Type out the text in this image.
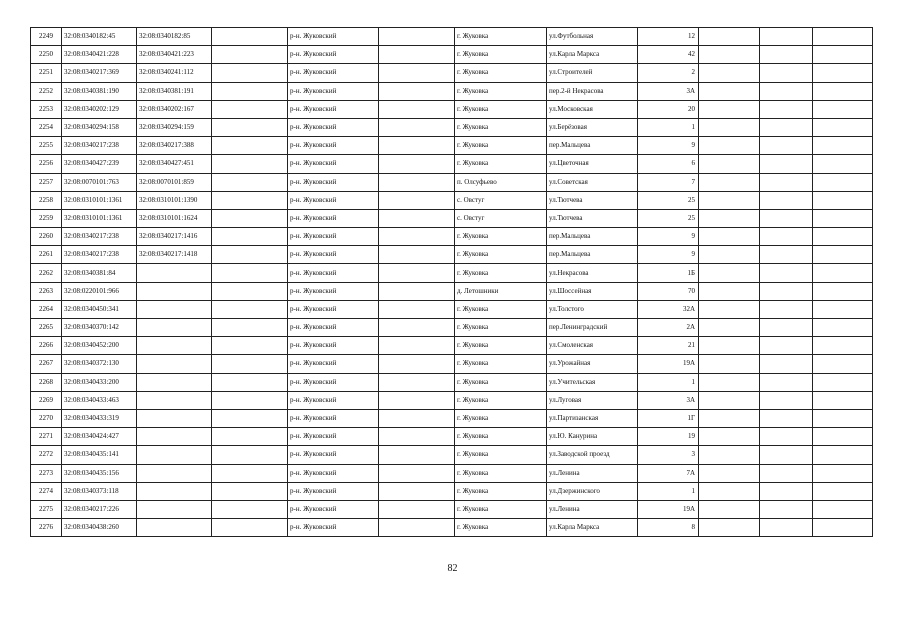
2249	32:08:0340182:45	32:08:0340182:85		р-н. Жуковский		г. Жуковка	ул.Футбольная	12			
2250	32:08:0340421:228	32:08:0340421:223		р-н. Жуковский		г. Жуковка	ул.Карла Маркса	42			
2251	32:08:0340217:369	32:08:0340241:112		р-н. Жуковский		г. Жуковка	ул.Строителей	2			
2252	32:08:0340381:190	32:08:0340381:191		р-н. Жуковский		г. Жуковка	пер.2-й Некрасова	3А			
2253	32:08:0340202:129	32:08:0340202:167		р-н. Жуковский		г. Жуковка	ул.Московская	20			
2254	32:08:0340294:158	32:08:0340294:159		р-н. Жуковский		г. Жуковка	ул.Берёзовая	1			
2255	32:08:0340217:238	32:08:0340217:388		р-н. Жуковский		г. Жуковка	пер.Мальцева	9			
2256	32:08:0340427:239	32:08:0340427:451		р-н. Жуковский		г. Жуковка	ул.Цветочная	6			
2257	32:08:0070101:763	32:08:0070101:859		р-н. Жуковский		п. Олсуфьево	ул.Советская	7			
2258	32:08:0310101:1361	32:08:0310101:1390		р-н. Жуковский		с. Овстуг	ул.Тютчева	25			
2259	32:08:0310101:1361	32:08:0310101:1624		р-н. Жуковский		с. Овстуг	ул.Тютчева	25			
2260	32:08:0340217:238	32:08:0340217:1416		р-н. Жуковский		г. Жуковка	пер.Мальцева	9			
2261	32:08:0340217:238	32:08:0340217:1418		р-н. Жуковский		г. Жуковка	пер.Мальцева	9			
2262	32:08:0340381:84			р-н. Жуковский		г. Жуковка	ул.Некрасова	1Б			
2263	32:08:0220101:966			р-н. Жуковский		д. Летошники	ул.Шоссейная	70			
2264	32:08:0340450:341			р-н. Жуковский		г. Жуковка	ул.Толстого	32А			
2265	32:08:0340370:142			р-н. Жуковский		г. Жуковка	пер.Ленинградский	2А			
2266	32:08:0340452:200			р-н. Жуковский		г. Жуковка	ул.Смоленская	21			
2267	32:08:0340372:130			р-н. Жуковский		г. Жуковка	ул.Урожайная	19А			
2268	32:08:0340433:200			р-н. Жуковский		г. Жуковка	ул.Учительская	1			
2269	32:08:0340433:463			р-н. Жуковский		г. Жуковка	ул.Луговая	3А			
2270	32:08:0340433:319			р-н. Жуковский		г. Жуковка	ул.Партизанская	1Г			
2271	32:08:0340424:427			р-н. Жуковский		г. Жуковка	ул.Ю. Канурина	19			
2272	32:08:0340435:141			р-н. Жуковский		г. Жуковка	ул.Заводской проезд	3			
2273	32:08:0340435:156			р-н. Жуковский		г. Жуковка	ул.Ленина	7А			
2274	32:08:0340373:118			р-н. Жуковский		г. Жуковка	ул.Дзержинского	1			
2275	32:08:0340217:226			р-н. Жуковский		г. Жуковка	ул.Ленина	19А			
2276	32:08:0340438:260			р-н. Жуковский		г. Жуковка	ул.Карла Маркса	8			
82
